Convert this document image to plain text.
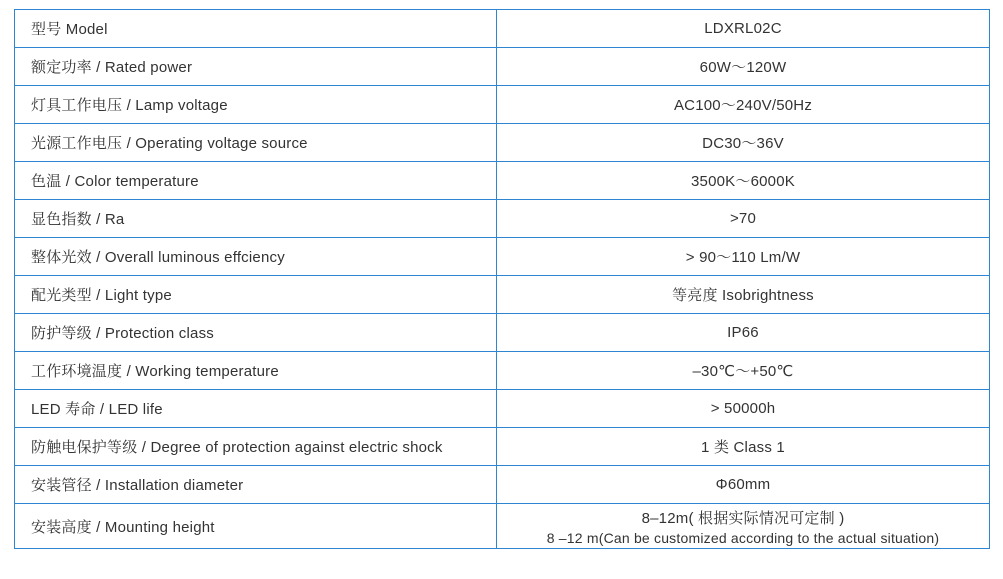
型号 Model	LDXRL02C
额定功率 / Rated power	60W～120W
灯具工作电压 / Lamp voltage	AC100～240V/50Hz
光源工作电压 / Operating voltage source	DC30～36V
色温 / Color temperature	3500K～6000K
显色指数 / Ra	>70
整体光效 / Overall luminous effciency	> 90～110 Lm/W
配光类型 / Light type	等亮度 Isobrightness
防护等级 / Protection class	IP66
工作环境温度 / Working temperature	–30℃～+50℃
LED 寿命 / LED life	> 50000h
防触电保护等级 / Degree of protection against electric shock	1 类 Class 1
安装管径 / Installation diameter	Φ60mm
安装高度 / Mounting height	8–12m( 根据实际情况可定制 )
8 –12 m(Can be customized according to the actual situation)
